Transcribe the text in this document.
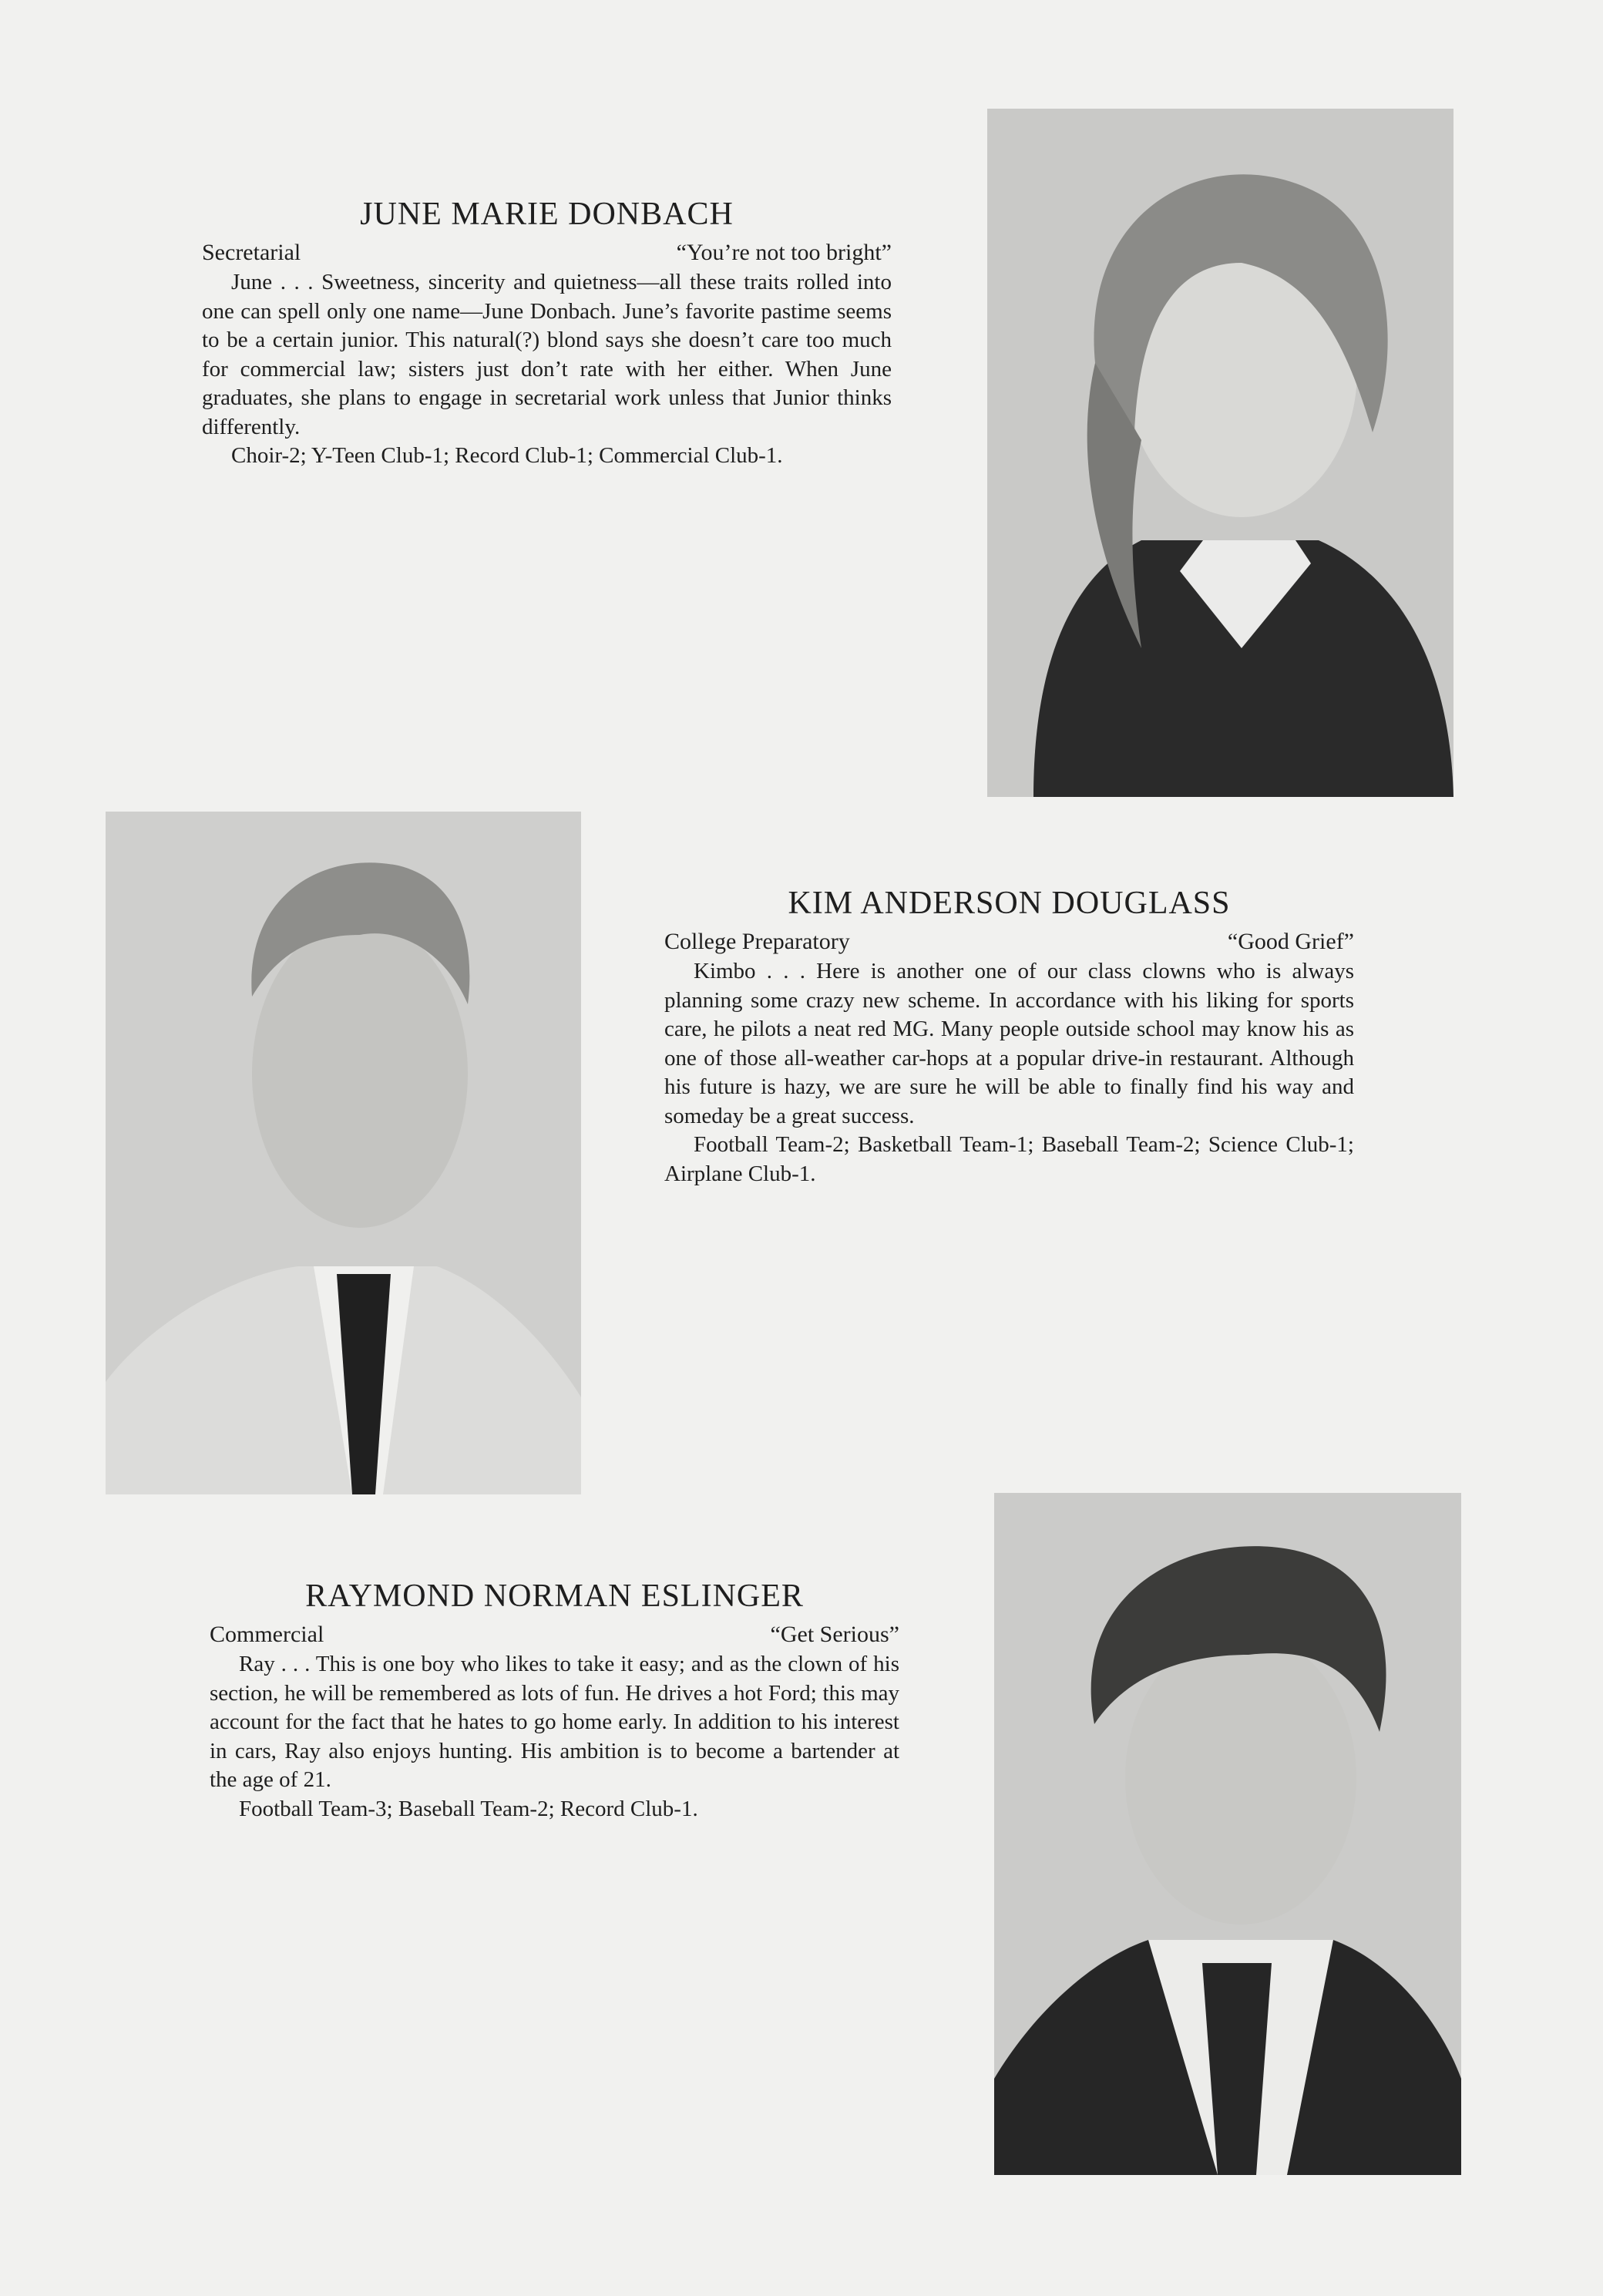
JUNE MARIE DONBACH
Secretarial	“You’re not too bright”

June . . . Sweetness, sincerity and quietness—all these traits rolled into one can spell only one name—June Donbach. June’s favorite pastime seems to be a certain junior. This natural(?) blond says she doesn’t care too much for commercial law; sisters just don’t rate with her either. When June graduates, she plans to engage in secretarial work unless that Junior thinks differently.

Choir-2; Y-Teen Club-1; Record Club-1; Commercial Club-1.

KIM ANDERSON DOUGLASS
College Preparatory	“Good Grief”

Kimbo . . . Here is another one of our class clowns who is always planning some crazy new scheme. In accordance with his liking for sports care, he pilots a neat red MG. Many people outside school may know his as one of those all-weather car-hops at a popular drive-in restaurant. Although his future is hazy, we are sure he will be able to finally find his way and someday be a great success.

Football Team-2; Basketball Team-1; Baseball Team-2; Science Club-1; Airplane Club-1.

RAYMOND NORMAN ESLINGER
Commercial	“Get Serious”

Ray . . . This is one boy who likes to take it easy; and as the clown of his section, he will be remembered as lots of fun. He drives a hot Ford; this may account for the fact that he hates to go home early. In addition to his interest in cars, Ray also enjoys hunting. His ambition is to become a bartender at the age of 21.

Football Team-3; Baseball Team-2; Record Club-1.
